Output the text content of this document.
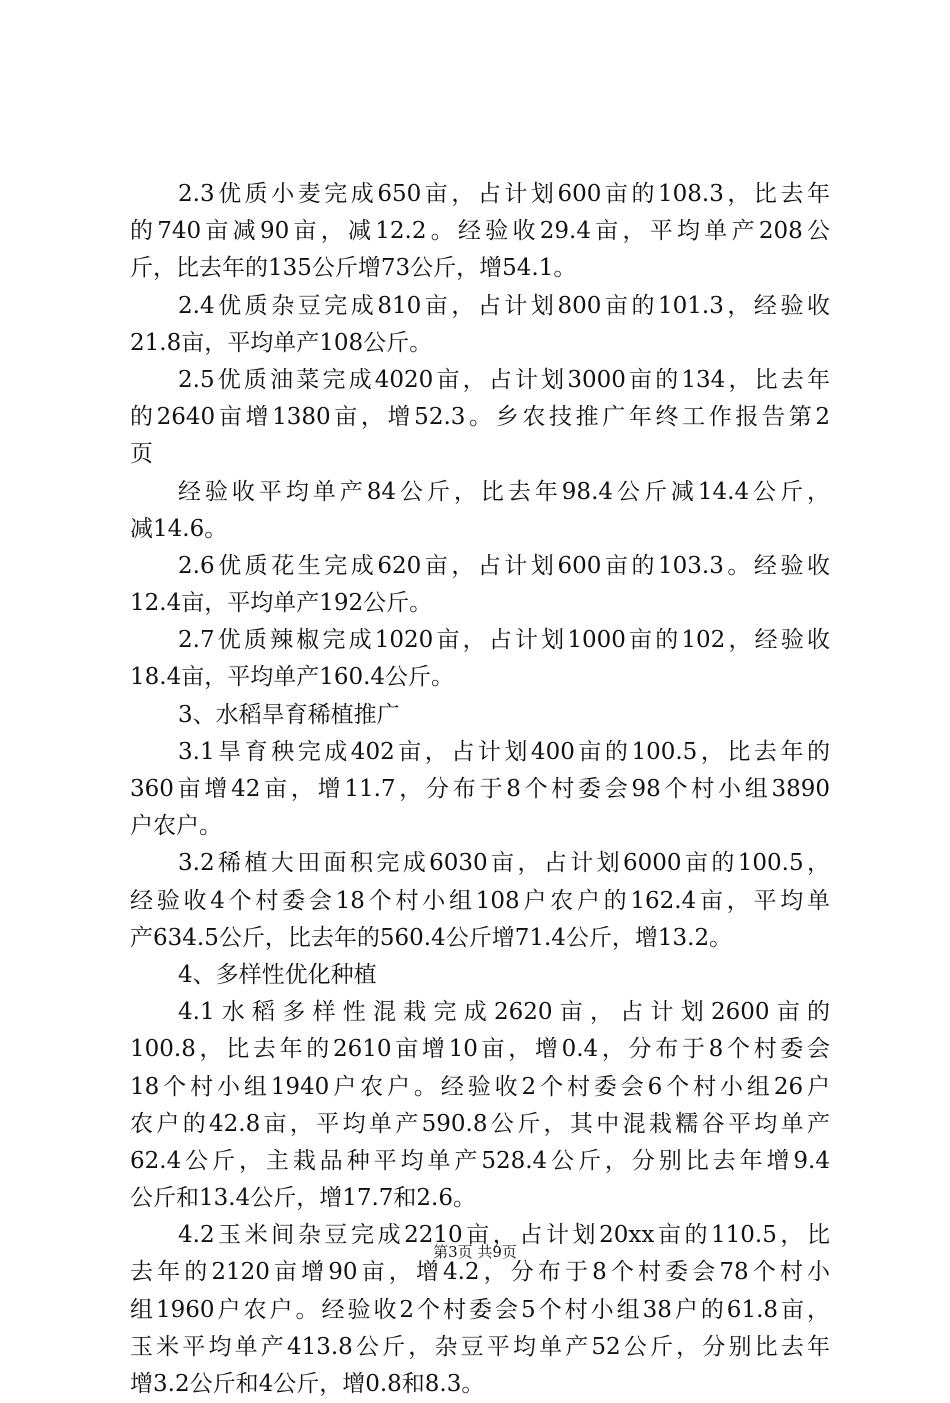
2.3优质小麦完成650亩，占计划600亩的108.3，比去年
的740亩减90亩，减12.2。经验收29.4亩，平均单产208公
斤，比去年的135公斤增73公斤，增54.1。
2.4优质杂豆完成810亩，占计划800亩的101.3，经验收
21.8亩，平均单产108公斤。
2.5优质油菜完成4020亩，占计划3000亩的134，比去年
的2640亩增1380亩，增52.3。乡农技推广年终工作报告第2
页
经验收平均单产84公斤，比去年98.4公斤减14.4公斤，
减14.6。
2.6优质花生完成620亩，占计划600亩的103.3。经验收
12.4亩，平均单产192公斤。
2.7优质辣椒完成1020亩，占计划1000亩的102，经验收
18.4亩，平均单产160.4公斤。
3、水稻旱育稀植推广
3.1旱育秧完成402亩，占计划400亩的100.5，比去年的
360亩增42亩，增11.7，分布于8个村委会98个村小组3890
户农户。
3.2稀植大田面积完成6030亩，占计划6000亩的100.5，
经验收4个村委会18个村小组108户农户的162.4亩，平均单
产634.5公斤，比去年的560.4公斤增71.4公斤，增13.2。
4、多样性优化种植
4.1水稻多样性混栽完成2620亩，占计划2600亩的
100.8，比去年的2610亩增10亩，增0.4，分布于8个村委会
18个村小组1940户农户。经验收2个村委会6个村小组26户
农户的42.8亩，平均单产590.8公斤，其中混栽糯谷平均单产
62.4公斤，主栽品种平均单产528.4公斤，分别比去年增9.4
公斤和13.4公斤，增17.7和2.6。
4.2玉米间杂豆完成2210亩，占计划20xx亩的110.5，比
去年的2120亩增90亩，增4.2，分布于8个村委会78个村小
组1960户农户。经验收2个村委会5个村小组38户的61.8亩，
玉米平均单产413.8公斤，杂豆平均单产52公斤，分别比去年
增3.2公斤和4公斤，增0.8和8.3。
第3页 共9页
